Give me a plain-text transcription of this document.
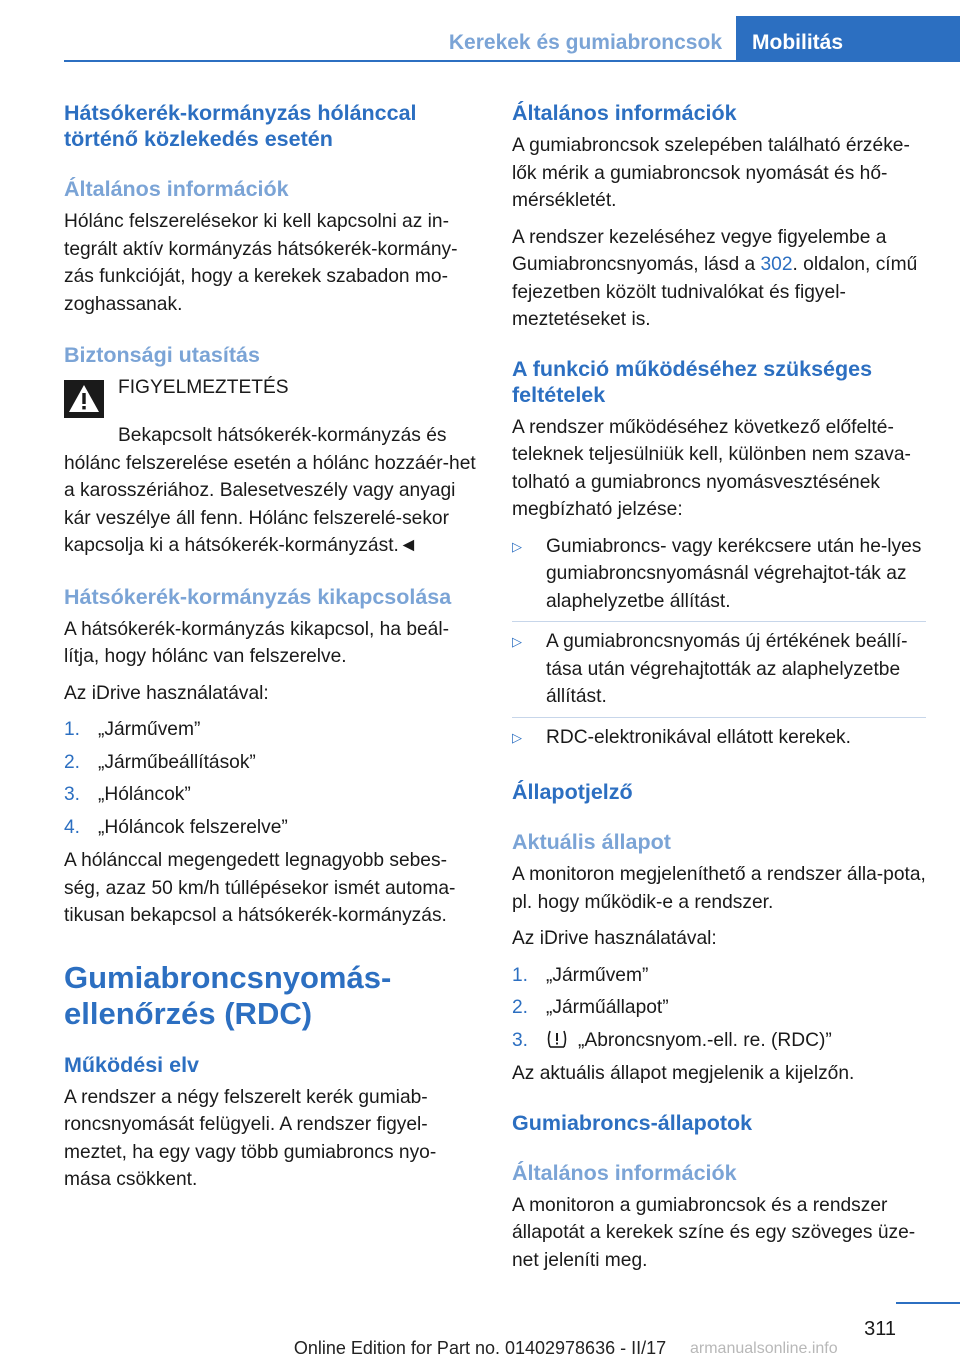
Kerekek és gumiabroncsok	Mobilitás
Hátsókerék-kormányzás hólánccal történő közlekedés esetén
Általános információk

Hólánc felszerelésekor ki kell kapcsolni az in-tegrált aktív kormányzás hátsókerék-kormány-zás funkcióját, hogy a kerekek szabadon mo-zoghassanak.

Biztonsági utasítás
FIGYELMEZTETÉS

Bekapcsolt hátsókerék-kormányzás és hólánc felszerelése esetén a hólánc hozzáér-het a karosszériához. Balesetveszély vagy anyagi kár veszélye áll fenn. Hólánc felszerelé-sekor kapcsolja ki a hátsókerék-kormányzást.◄

Hátsókerék-kormányzás kikapcsolása

A hátsókerék-kormányzás kikapcsol, ha beál-lítja, hogy hólánc van felszerelve.

Az iDrive használatával:

1. „Járművem”
2. „Járműbeállítások”
3. „Hóláncok”
4. „Hóláncok felszerelve”

A hólánccal megengedett legnagyobb sebes-ség, azaz 50 km/h túllépésekor ismét automa-tikusan bekapcsol a hátsókerék-kormányzás.

Gumiabroncsnyomás-ellenőrzés (RDC)
Működési elv

A rendszer a négy felszerelt kerék gumiab-roncsnyomását felügyeli. A rendszer figyel-meztet, ha egy vagy több gumiabroncs nyo-mása csökkent.

Általános információk

A gumiabroncsok szelepében található érzéke-lők mérik a gumiabroncsok nyomását és hő-mérsékletét.

A rendszer kezeléséhez vegye figyelembe a Gumiabroncsnyomás, lásd a 302. oldalon, című fejezetben közölt tudnivalókat és figyel-meztetéseket is.

A funkció működéséhez szükséges feltételek

A rendszer működéséhez következő előfelté-teleknek teljesülniük kell, különben nem szava-tolható a gumiabroncs nyomásvesztésének megbízható jelzése:

▷	Gumiabroncs- vagy kerékcsere után he-lyes gumiabroncsnyomásnál végrehajtot-ták az alaphelyzetbe állítást.
▷	A gumiabroncsnyomás új értékének beállí-tása után végrehajtották az alaphelyzetbe állítást.
▷	RDC-elektronikával ellátott kerekek.
Állapotjelző
Aktuális állapot

A monitoron megjeleníthető a rendszer álla-pota, pl. hogy működik-e a rendszer.

Az iDrive használatával:

1. „Járművem”
2. „Járműállapot”
3.	„Abroncsnyom.-ell. re. (RDC)”

Az aktuális állapot megjelenik a kijelzőn.

Gumiabroncs-állapotok
Általános információk

A monitoron a gumiabroncsok és a rendszer állapotát a kerekek színe és egy szöveges üze-net jeleníti meg.

311
Online Edition for Part no. 01402978636 - II/17	armanualsonline.info
